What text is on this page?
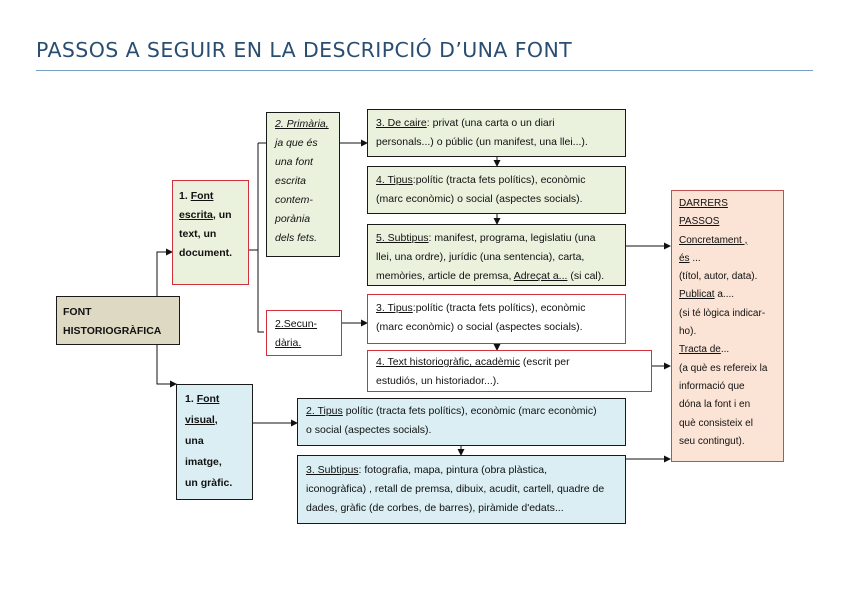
PASSOS A SEGUIR EN LA DESCRIPCIÓ D’UNA FONT
FONT
HISTORIOGRÀFICA
1. Font
escrita, un
text, un
document.
2. Primària,
ja que és
una font
escrita
contem-
porània
dels fets.
2.Secun-
dària.
3. De caire: privat (una carta o un diari
personals...) o públic (un manifest, una llei...).
4. Tipus:polític (tracta fets polítics), econòmic
(marc econòmic) o social (aspectes socials).
5. Subtipus: manifest, programa, legislatiu (una
llei, una ordre), jurídic (una sentencia), carta,
memòries, article de premsa, Adreçat a... (si cal).
3. Tipus:polític (tracta fets polítics), econòmic
(marc econòmic) o social (aspectes socials).
4. Text historiogràfic, acadèmic (escrit per
estudiós, un historiador...).
1. Font
visual,
una
imatge,
un gràfic.
2. Tipus polític (tracta fets polítics), econòmic (marc econòmic)
o social (aspectes socials).
3. Subtipus: fotografia, mapa, pintura (obra plàstica,
iconogràfica) , retall de premsa, dibuix, acudit, cartell, quadre de
dades, gràfic (de corbes, de barres), piràmide d'edats...
DARRERS
PASSOS
Concretament ,
és ...
(títol, autor, data).
Publicat a....
(si té lògica indicar-
ho).
Tracta de...
(a què es refereix la
informació que
dóna la font i en
què consisteix el
seu contingut).
